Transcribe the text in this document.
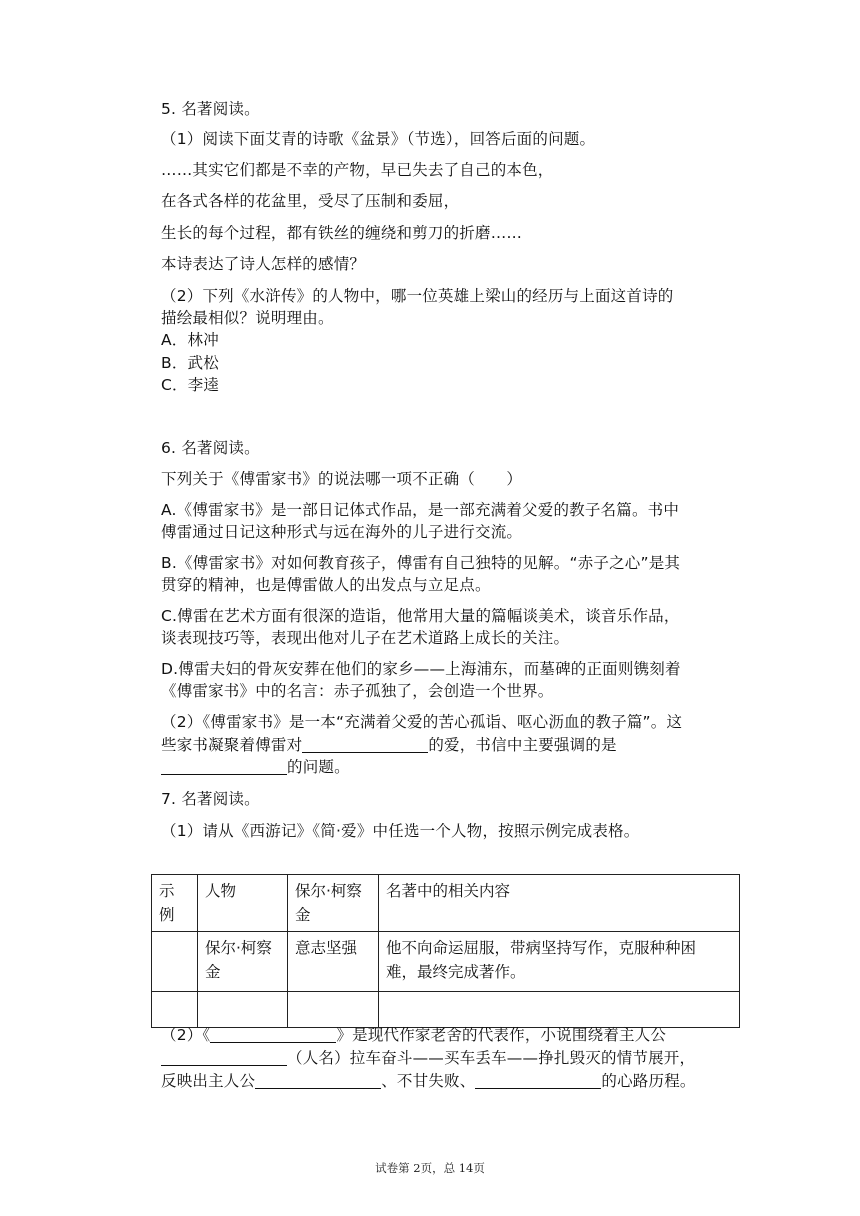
5. 名著阅读。
（1）阅读下面艾青的诗歌《盆景》（节选），回答后面的问题。
……其实它们都是不幸的产物，早已失去了自己的本色，
在各式各样的花盆里，受尽了压制和委屈，
生长的每个过程，都有铁丝的缠绕和剪刀的折磨……
本诗表达了诗人怎样的感情？
（2）下列《水浒传》的人物中，哪一位英雄上梁山的经历与上面这首诗的
描绘最相似？说明理由。
A．林冲
B．武松
C．李逵
6. 名著阅读。
下列关于《傅雷家书》的说法哪一项不正确（　　）
A.《傅雷家书》是一部日记体式作品，是一部充满着父爱的教子名篇。书中
傅雷通过日记这种形式与远在海外的儿子进行交流。
B.《傅雷家书》对如何教育孩子，傅雷有自己独特的见解。“赤子之心”是其
贯穿的精神，也是傅雷做人的出发点与立足点。
C.傅雷在艺术方面有很深的造诣，他常用大量的篇幅谈美术，谈音乐作品，
谈表现技巧等，表现出他对儿子在艺术道路上成长的关注。
D.傅雷夫妇的骨灰安葬在他们的家乡——上海浦东，而墓碑的正面则镌刻着
《傅雷家书》中的名言：赤子孤独了，会创造一个世界。
（2）《傅雷家书》是一本“充满着父爱的苦心孤诣、呕心沥血的教子篇”。这
些家书凝聚着傅雷对	的爱，书信中主要强调的是
的问题。
7. 名著阅读。
（1）请从《西游记》《简·爱》中任选一个人物，按照示例完成表格。
示例	人物	保尔·柯察金	名著中的相关内容

	保尔·柯察金	意志坚强	他不向命运屈服，带病坚持写作，克服种种困难，最终完成著作。

（2）《	》是现代作家老舍的代表作，小说围绕着主人公
（人名）拉车奋斗——买车丢车——挣扎毁灭的情节展开，
反映出主人公	、不甘失败、	的心路历程。
试卷第 2页，总 14页
